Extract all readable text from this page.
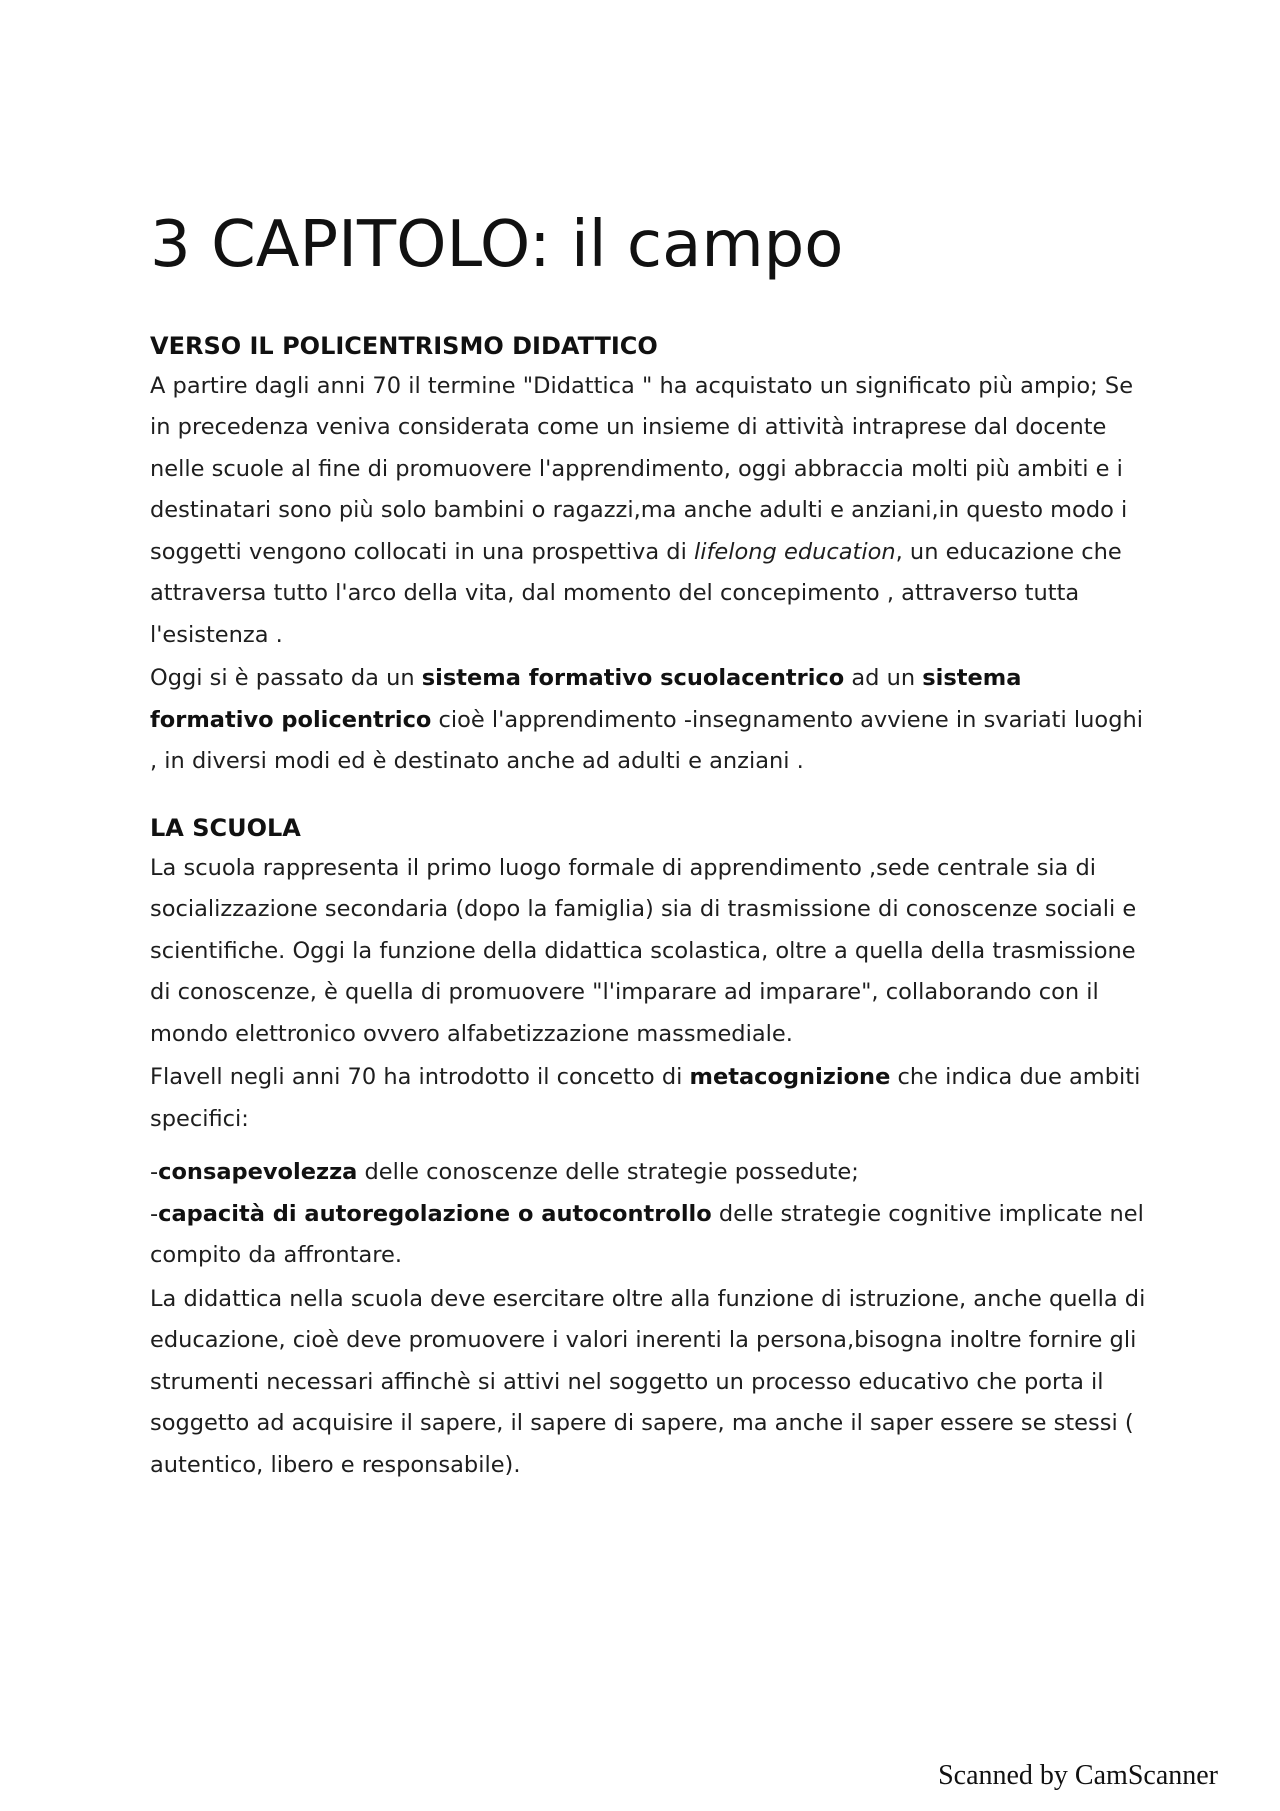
3 CAPITOLO: il campo
VERSO IL POLICENTRISMO DIDATTICO

A partire dagli anni 70 il termine "Didattica " ha acquistato un significato più ampio; Se in precedenza veniva considerata come un insieme di attività intraprese dal docente nelle scuole al fine di promuovere l'apprendimento, oggi abbraccia molti più ambiti e i destinatari sono più solo bambini o ragazzi,ma anche adulti e anziani,in questo modo i soggetti vengono collocati in una prospettiva di lifelong education, un educazione che attraversa tutto l'arco della vita, dal momento del concepimento , attraverso tutta l'esistenza .

Oggi si è passato da un sistema formativo scuolacentrico ad un sistema formativo policentrico cioè l'apprendimento -insegnamento avviene in svariati luoghi , in diversi modi ed è destinato anche ad adulti e anziani .

LA SCUOLA

La scuola rappresenta il primo luogo formale di apprendimento ,sede centrale sia di socializzazione secondaria (dopo la famiglia) sia di trasmissione di conoscenze sociali e scientifiche. Oggi la funzione della didattica scolastica, oltre a quella della trasmissione di conoscenze, è quella di promuovere "l'imparare ad imparare", collaborando con il mondo elettronico ovvero alfabetizzazione massmediale.

Flavell negli anni 70 ha introdotto il concetto di metacognizione che indica due ambiti specifici:

-consapevolezza delle conoscenze delle strategie possedute;

-capacità di autoregolazione o autocontrollo delle strategie cognitive implicate nel compito da affrontare.

La didattica nella scuola deve esercitare oltre alla funzione di istruzione, anche quella di educazione, cioè deve promuovere i valori inerenti la persona,bisogna inoltre fornire gli strumenti necessari affinchè si attivi nel soggetto un processo educativo che porta il soggetto ad acquisire il sapere, il sapere di sapere, ma anche il saper essere se stessi ( autentico, libero e responsabile).

Scanned by CamScanner
